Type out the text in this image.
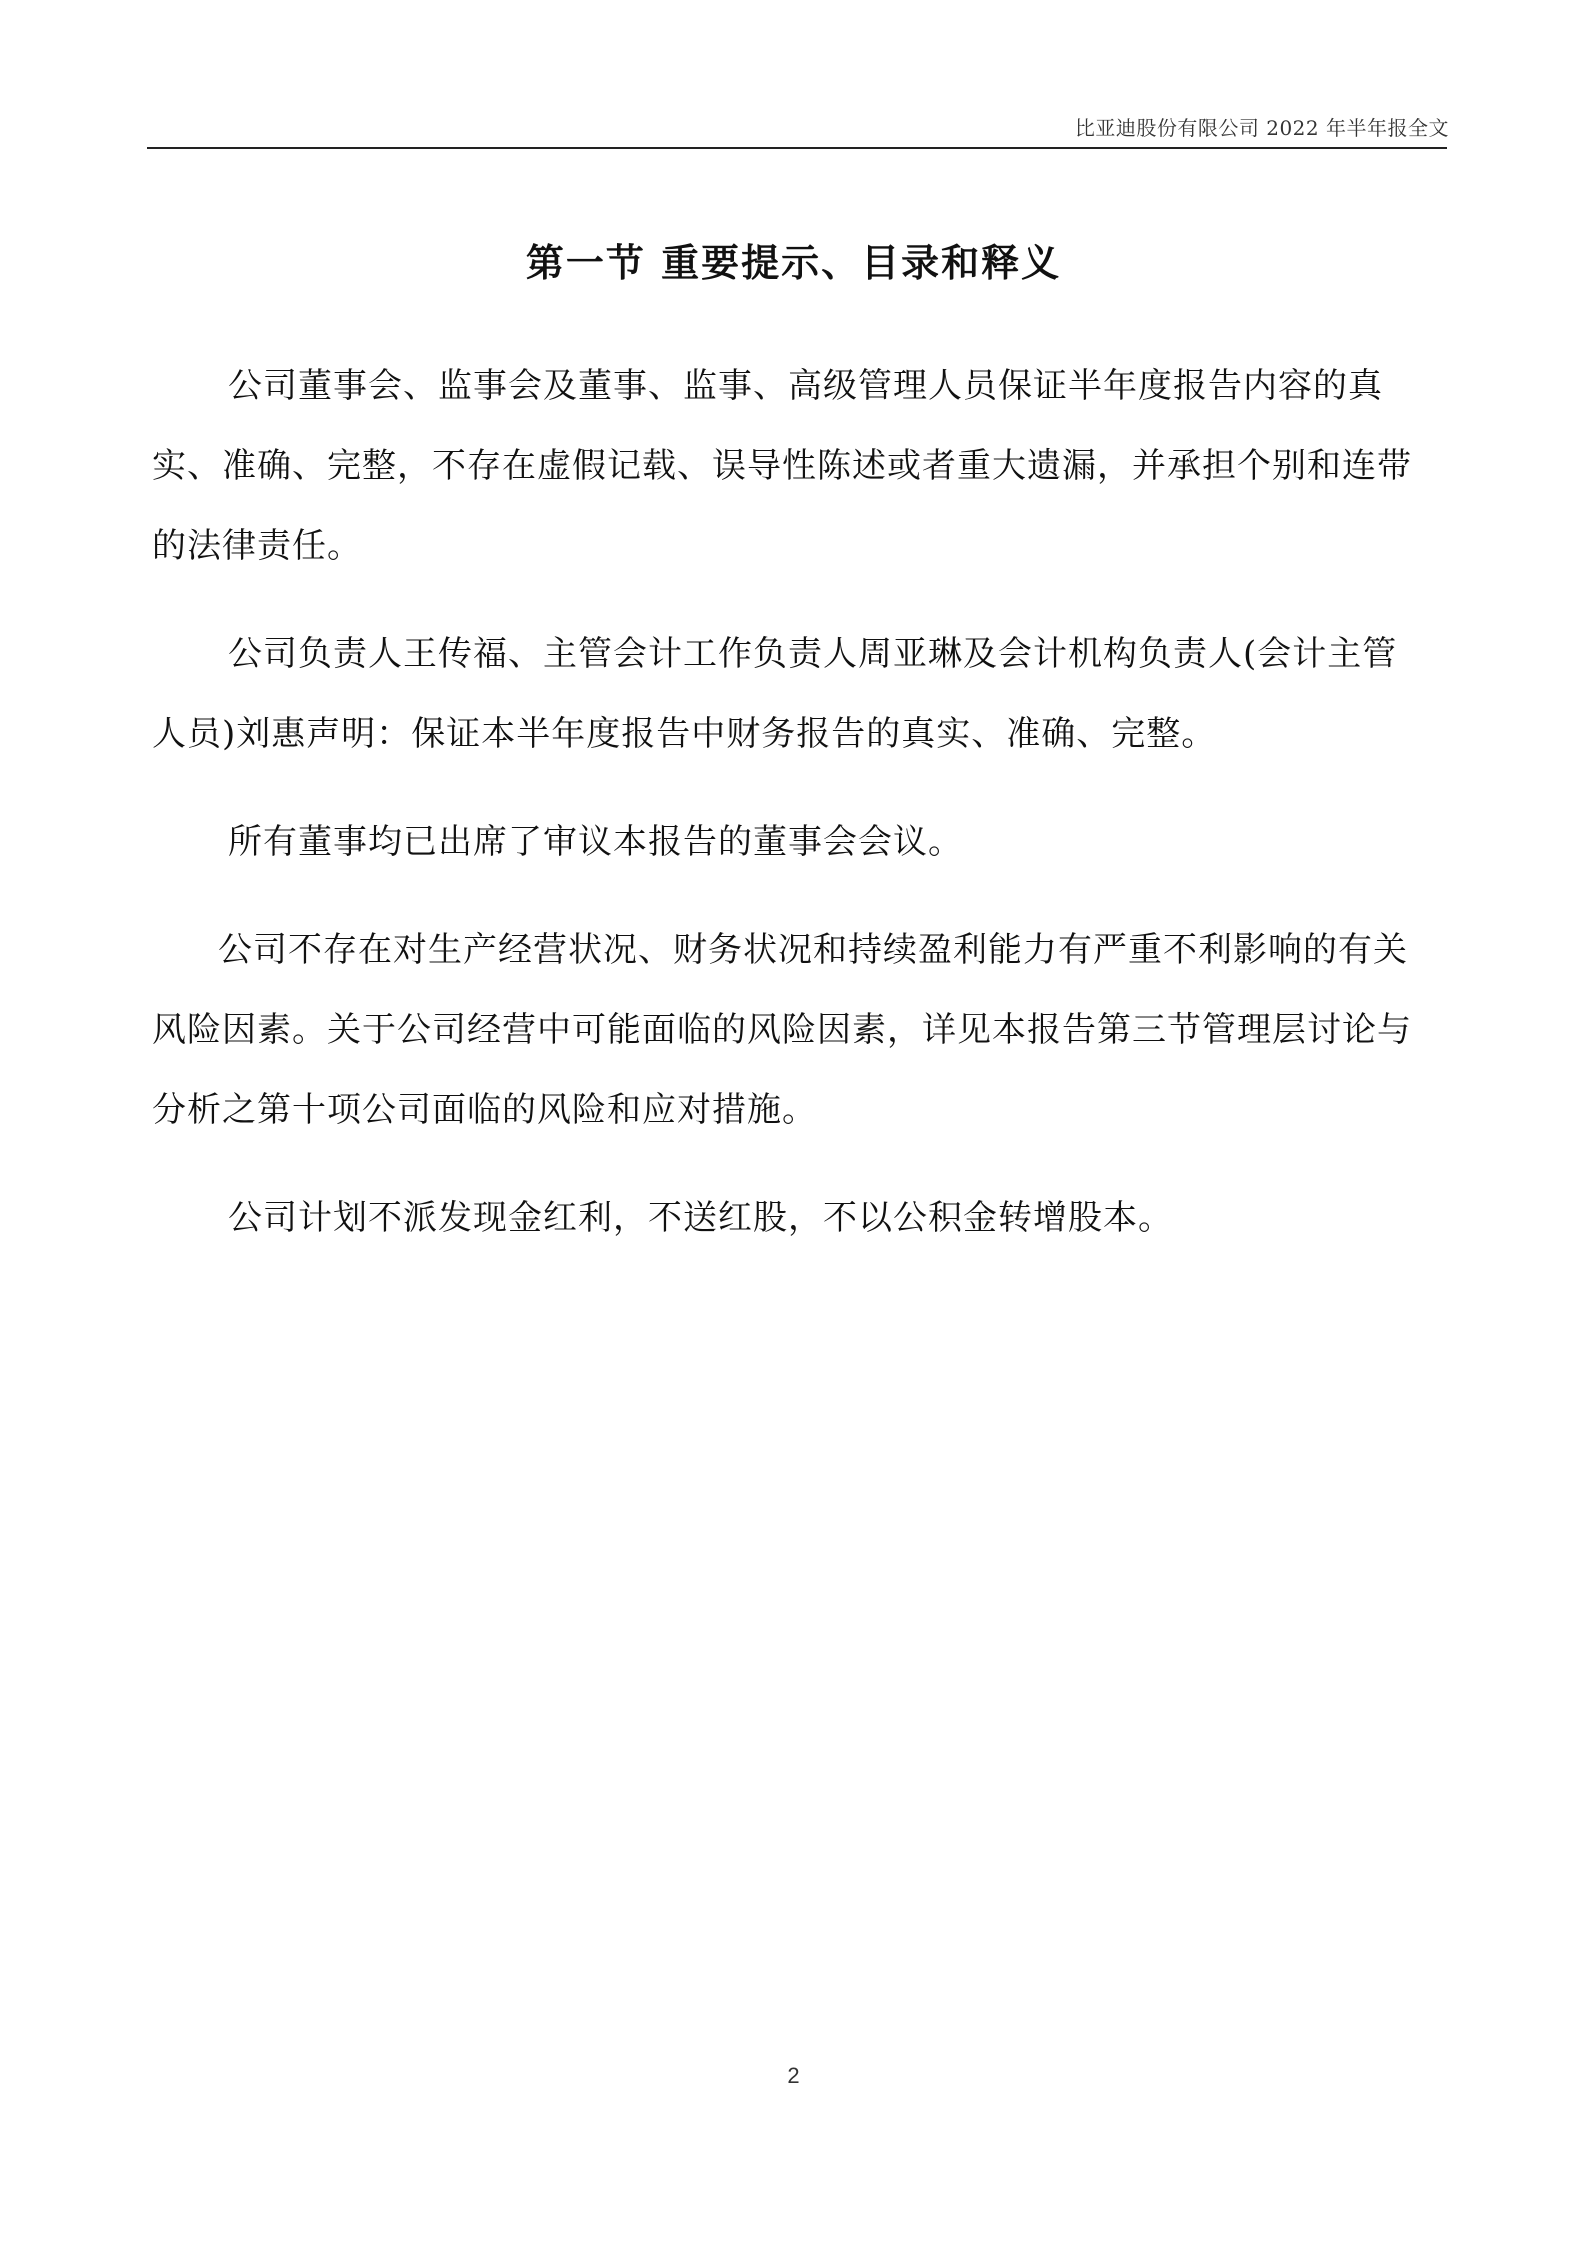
比亚迪股份有限公司 2022 年半年报全文
第一节 重要提示、目录和释义

公司董事会、监事会及董事、监事、高级管理人员保证半年度报告内容的真实、准确、完整，不存在虚假记载、误导性陈述或者重大遗漏，并承担个别和连带的法律责任。

公司负责人王传福、主管会计工作负责人周亚琳及会计机构负责人(会计主管人员)刘惠声明：保证本半年度报告中财务报告的真实、准确、完整。

所有董事均已出席了审议本报告的董事会会议。

公司不存在对生产经营状况、财务状况和持续盈利能力有严重不利影响的有关风险因素。关于公司经营中可能面临的风险因素，详见本报告第三节管理层讨论与分析之第十项公司面临的风险和应对措施。

公司计划不派发现金红利，不送红股，不以公积金转增股本。

2
